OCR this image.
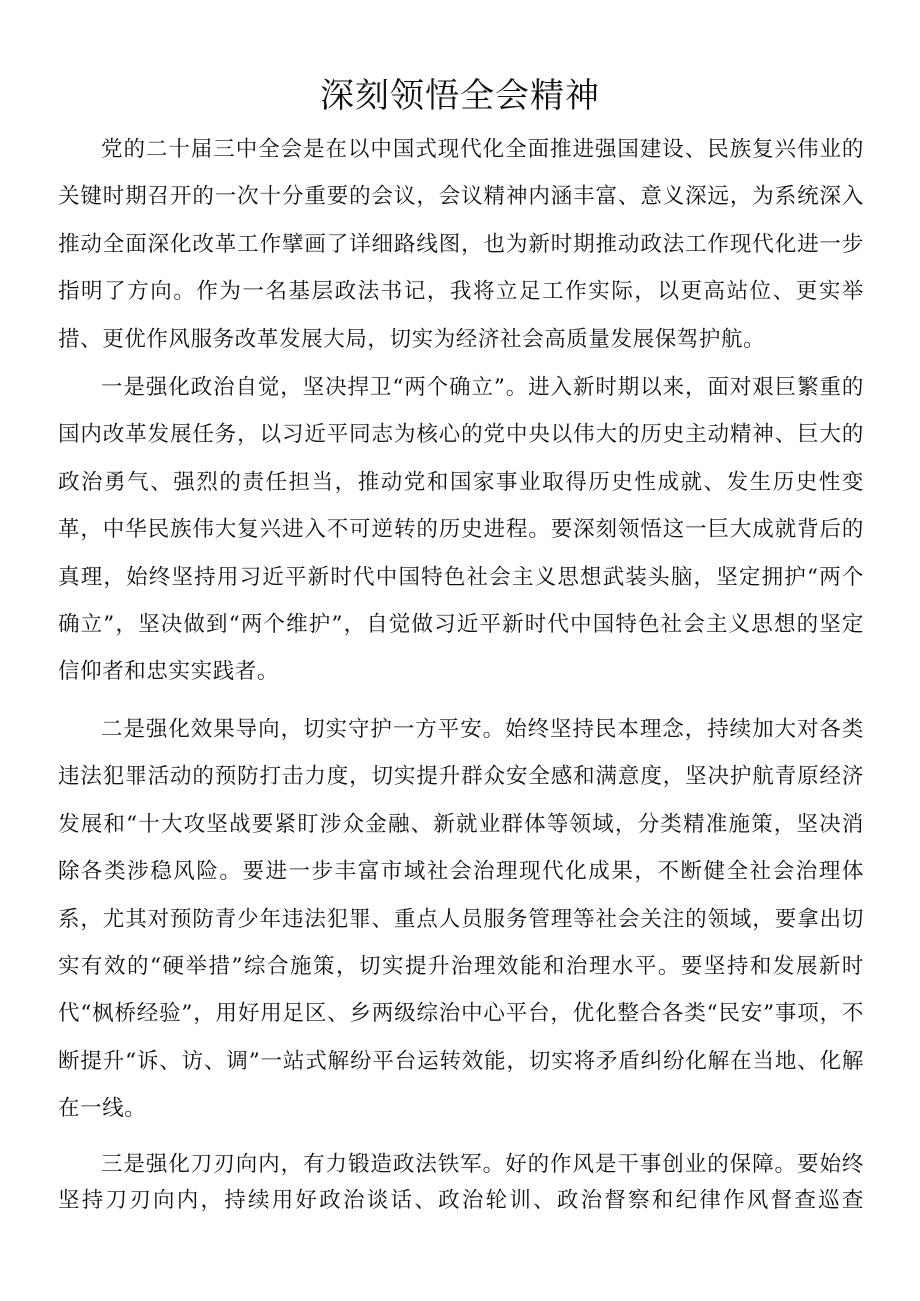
深刻领悟全会精神

党的二十届三中全会是在以中国式现代化全面推进强国建设、民族复兴伟业的关键时期召开的一次十分重要的会议，会议精神内涵丰富、意义深远，为系统深入推动全面深化改革工作擘画了详细路线图，也为新时期推动政法工作现代化进一步指明了方向。作为一名基层政法书记，我将立足工作实际，以更高站位、更实举措、更优作风服务改革发展大局，切实为经济社会高质量发展保驾护航。

一是强化政治自觉，坚决捍卫“两个确立”。进入新时期以来，面对艰巨繁重的国内改革发展任务，以习近平同志为核心的党中央以伟大的历史主动精神、巨大的政治勇气、强烈的责任担当，推动党和国家事业取得历史性成就、发生历史性变革，中华民族伟大复兴进入不可逆转的历史进程。要深刻领悟这一巨大成就背后的真理，始终坚持用习近平新时代中国特色社会主义思想武装头脑，坚定拥护“两个确立”，坚决做到“两个维护”，自觉做习近平新时代中国特色社会主义思想的坚定信仰者和忠实实践者。

二是强化效果导向，切实守护一方平安。始终坚持民本理念，持续加大对各类违法犯罪活动的预防打击力度，切实提升群众安全感和满意度，坚决护航青原经济发展和“十大攻坚战要紧盯涉众金融、新就业群体等领域，分类精准施策，坚决消除各类涉稳风险。要进一步丰富市域社会治理现代化成果，不断健全社会治理体系，尤其对预防青少年违法犯罪、重点人员服务管理等社会关注的领域，要拿出切实有效的“硬举措”综合施策，切实提升治理效能和治理水平。要坚持和发展新时代“枫桥经验”，用好用足区、乡两级综治中心平台，优化整合各类“民安”事项，不断提升“诉、访、调”一站式解纷平台运转效能，切实将矛盾纠纷化解在当地、化解在一线。

三是强化刀刃向内，有力锻造政法铁军。好的作风是干事创业的保障。要始终坚持刀刃向内，持续用好政治谈话、政治轮训、政治督察和纪律作风督查巡查
